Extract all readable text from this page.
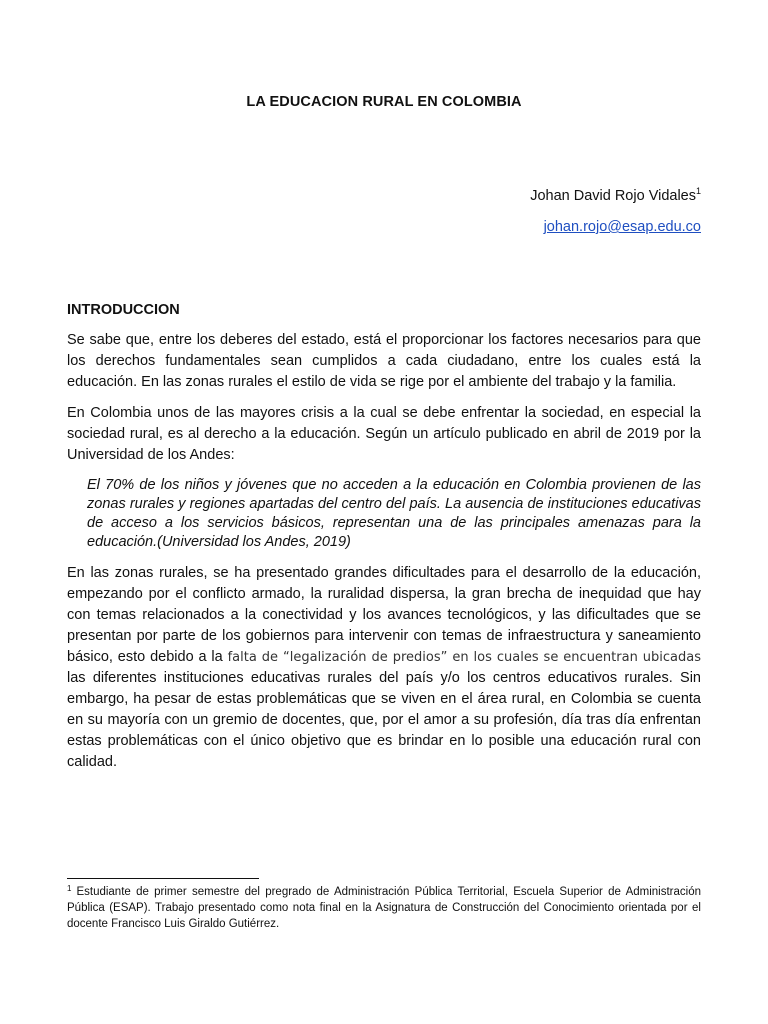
LA EDUCACION RURAL EN COLOMBIA
Johan David Rojo Vidales$^1$
johan.rojo@esap.edu.co
INTRODUCCION

Se sabe que, entre los deberes del estado, está el proporcionar los factores necesarios para que los derechos fundamentales sean cumplidos a cada ciudadano, entre los cuales está la educación. En las zonas rurales el estilo de vida se rige por el ambiente del trabajo y la familia.

En Colombia unos de las mayores crisis a la cual se debe enfrentar la sociedad, en especial la sociedad rural, es al derecho a la educación. Según un artículo publicado en abril de 2019 por la Universidad de los Andes:

El 70% de los niños y jóvenes que no acceden a la educación en Colombia provienen de las zonas rurales y regiones apartadas del centro del país. La ausencia de instituciones educativas de acceso a los servicios básicos, representan una de las principales amenazas para la educación.(Universidad los Andes, 2019)

En las zonas rurales, se ha presentado grandes dificultades para el desarrollo de la educación, empezando por el conflicto armado, la ruralidad dispersa, la gran brecha de inequidad que hay con temas relacionados a la conectividad y los avances tecnológicos, y las dificultades que se presentan por parte de los gobiernos para intervenir con temas de infraestructura y saneamiento básico, esto debido a la falta de “legalización de predios” en los cuales se encuentran ubicadas las diferentes instituciones educativas rurales del país y/o los centros educativos rurales. Sin embargo, ha pesar de estas problemáticas que se viven en el área rural, en Colombia se cuenta en su mayoría con un gremio de docentes, que, por el amor a su profesión, día tras día enfrentan estas problemáticas con el único objetivo que es brindar en lo posible una educación rural con calidad.

$^1$ Estudiante de primer semestre del pregrado de Administración Pública Territorial, Escuela Superior de Administración Pública (ESAP). Trabajo presentado como nota final en la Asignatura de Construcción del Conocimiento orientada por el docente Francisco Luis Giraldo Gutiérrez.
